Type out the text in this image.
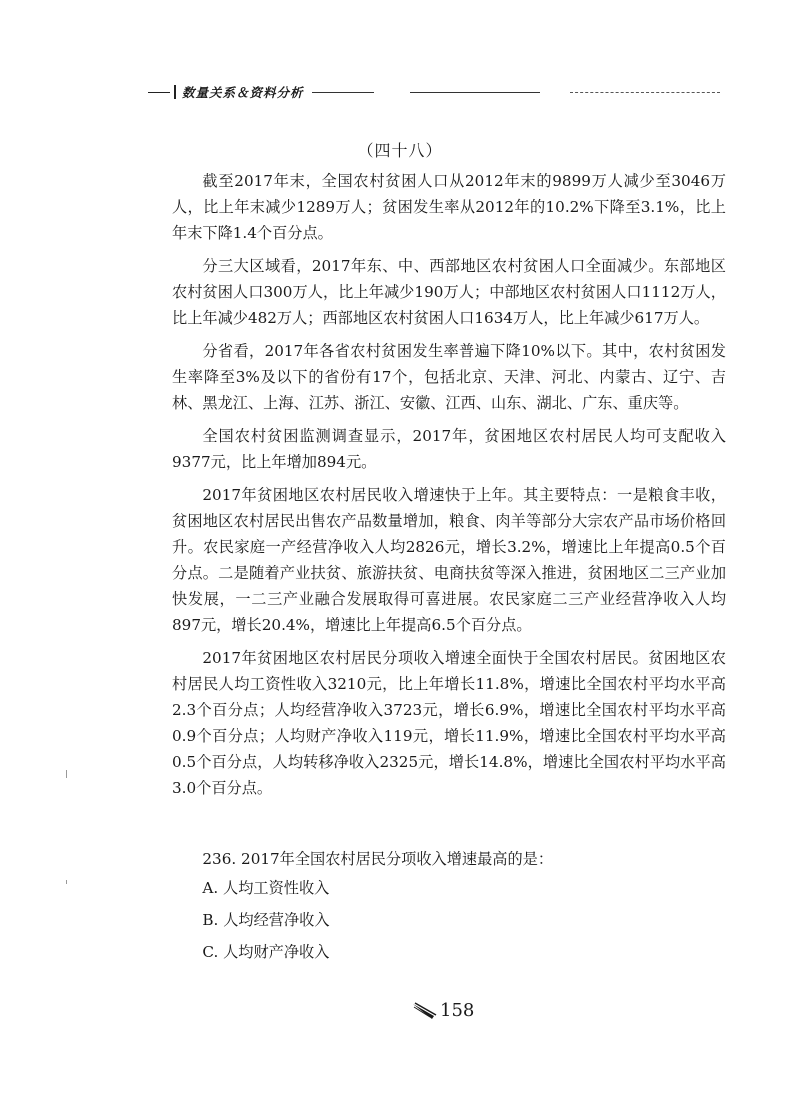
数量关系＆资料分析
（四十八）

截至2017年末，全国农村贫困人口从2012年末的9899万人减少至3046万人，比上年末减少1289万人；贫困发生率从2012年的10.2%下降至3.1%，比上年末下降1.4个百分点。

分三大区域看，2017年东、中、西部地区农村贫困人口全面减少。东部地区农村贫困人口300万人，比上年减少190万人；中部地区农村贫困人口1112万人，比上年减少482万人；西部地区农村贫困人口1634万人，比上年减少617万人。

分省看，2017年各省农村贫困发生率普遍下降10%以下。其中，农村贫困发生率降至3%及以下的省份有17个，包括北京、天津、河北、内蒙古、辽宁、吉林、黑龙江、上海、江苏、浙江、安徽、江西、山东、湖北、广东、重庆等。

全国农村贫困监测调查显示，2017年，贫困地区农村居民人均可支配收入9377元，比上年增加894元。

2017年贫困地区农村居民收入增速快于上年。其主要特点：一是粮食丰收，贫困地区农村居民出售农产品数量增加，粮食、肉羊等部分大宗农产品市场价格回升。农民家庭一产经营净收入人均2826元，增长3.2%，增速比上年提高0.5个百分点。二是随着产业扶贫、旅游扶贫、电商扶贫等深入推进，贫困地区二三产业加快发展，一二三产业融合发展取得可喜进展。农民家庭二三产业经营净收入人均897元，增长20.4%，增速比上年提高6.5个百分点。

2017年贫困地区农村居民分项收入增速全面快于全国农村居民。贫困地区农村居民人均工资性收入3210元，比上年增长11.8%，增速比全国农村平均水平高2.3个百分点；人均经营净收入3723元，增长6.9%，增速比全国农村平均水平高0.9个百分点；人均财产净收入119元，增长11.9%，增速比全国农村平均水平高0.5个百分点，人均转移净收入2325元，增长14.8%，增速比全国农村平均水平高3.0个百分点。

236. 2017年全国农村居民分项收入增速最高的是：
A. 人均工资性收入
B. 人均经营净收入
C. 人均财产净收入
158
